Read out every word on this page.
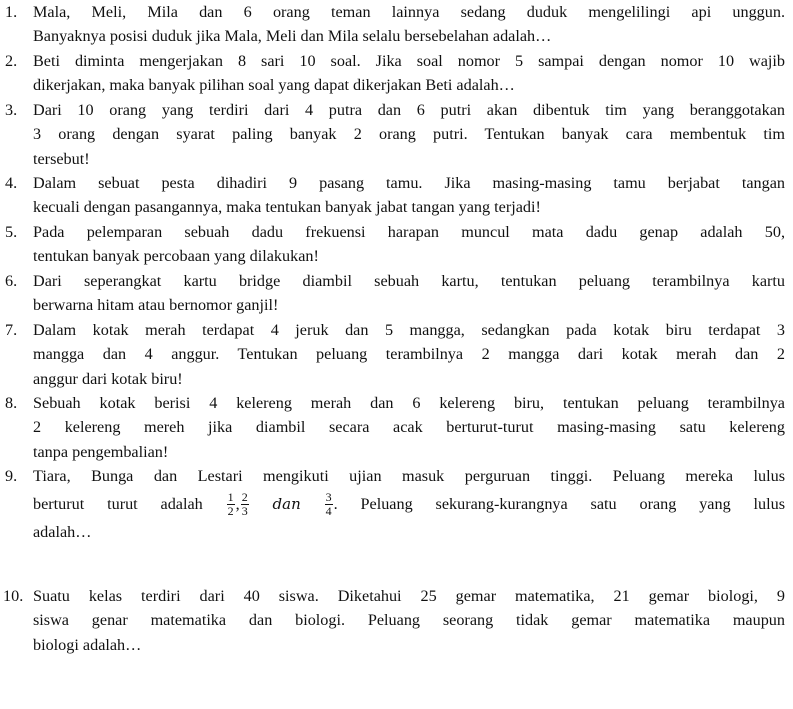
1. Mala, Meli, Mila dan 6 orang teman lainnya sedang duduk mengelilingi api unggun.
Banyaknya posisi duduk jika Mala, Meli dan Mila selalu bersebelahan adalah…
2. Beti diminta mengerjakan 8 sari 10 soal. Jika soal nomor 5 sampai dengan nomor 10 wajib
dikerjakan, maka banyak pilihan soal yang dapat dikerjakan Beti adalah…
3. Dari 10 orang yang terdiri dari 4 putra dan 6 putri akan dibentuk tim yang beranggotakan
3 orang dengan syarat paling banyak 2 orang putri. Tentukan banyak cara membentuk tim
tersebut!
4. Dalam sebuat pesta dihadiri 9 pasang tamu. Jika masing-masing tamu berjabat tangan
kecuali dengan pasangannya, maka tentukan banyak jabat tangan yang terjadi!
5. Pada pelemparan sebuah dadu frekuensi harapan muncul mata dadu genap adalah 50,
tentukan banyak percobaan yang dilakukan!
6. Dari seperangkat kartu bridge diambil sebuah kartu, tentukan peluang terambilnya kartu
berwarna hitam atau bernomor ganjil!
7. Dalam kotak merah terdapat 4 jeruk dan 5 mangga, sedangkan pada kotak biru terdapat 3
mangga dan 4 anggur. Tentukan peluang terambilnya 2 mangga dari kotak merah dan 2
anggur dari kotak biru!
8. Sebuah kotak berisi 4 kelereng merah dan 6 kelereng biru, tentukan peluang terambilnya
2 kelereng mereh jika diambil secara acak berturut-turut masing-masing satu kelereng
tanpa pengembalian!
9. Tiara, Bunga dan Lestari mengikuti ujian masuk perguruan tinggi. Peluang mereka lulus
berturut turut adalah $\frac{1}{2}$ , $\frac{2}{3}$ dan $\frac{3}{4}$ . Peluang sekurang-kurangnya satu orang yang lulus
adalah…
10. Suatu kelas terdiri dari 40 siswa. Diketahui 25 gemar matematika, 21 gemar biologi, 9
siswa genar matematika dan biologi. Peluang seorang tidak gemar matematika maupun
biologi adalah…
